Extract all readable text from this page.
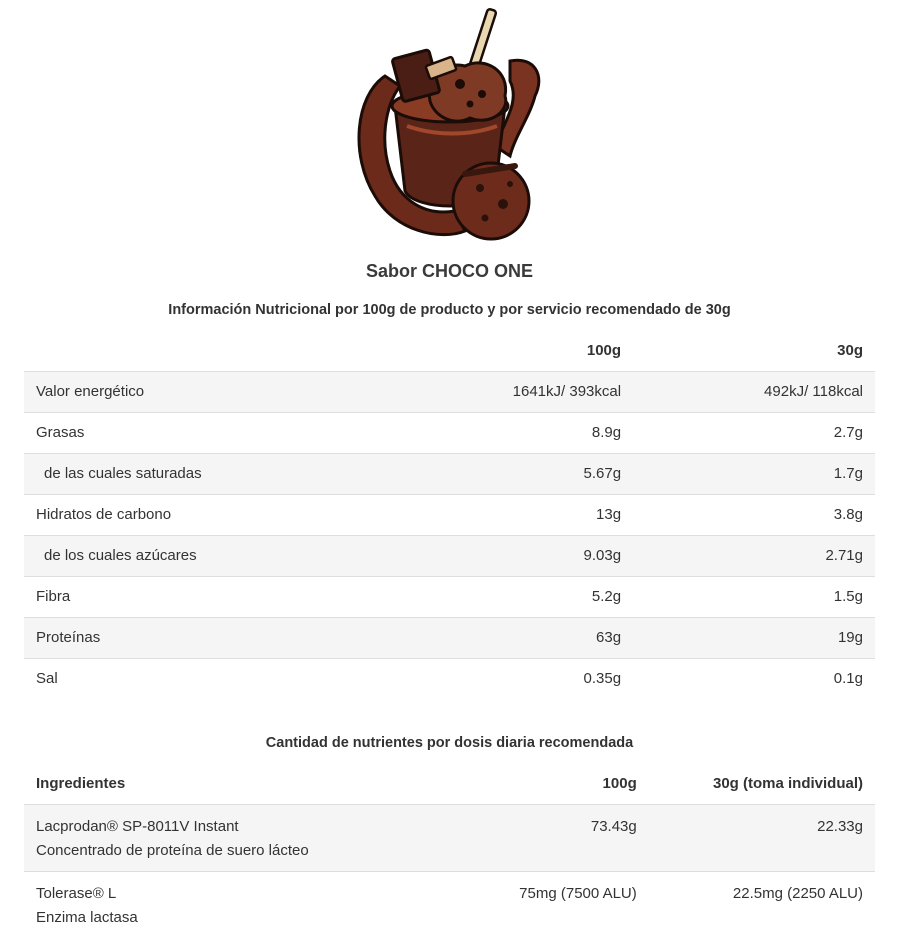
Sabor CHOCO ONE
Información Nutricional por 100g de producto y por servicio recomendado de 30g
	100g	30g
Valor energético	1641kJ/ 393kcal	492kJ/ 118kcal
Grasas	8.9g	2.7g
de las cuales saturadas	5.67g	1.7g
Hidratos de carbono	13g	3.8g
de los cuales azúcares	9.03g	2.71g
Fibra	5.2g	1.5g
Proteínas	63g	19g
Sal	0.35g	0.1g
Cantidad de nutrientes por dosis diaria recomendada
Ingredientes	100g	30g (toma individual)

Lacprodan® SP-8011V Instant
Concentrado de proteína de suero lácteo	73.43g	22.33g

Tolerase® L
Enzima lactasa	75mg (7500 ALU)	22.5mg (2250 ALU)
